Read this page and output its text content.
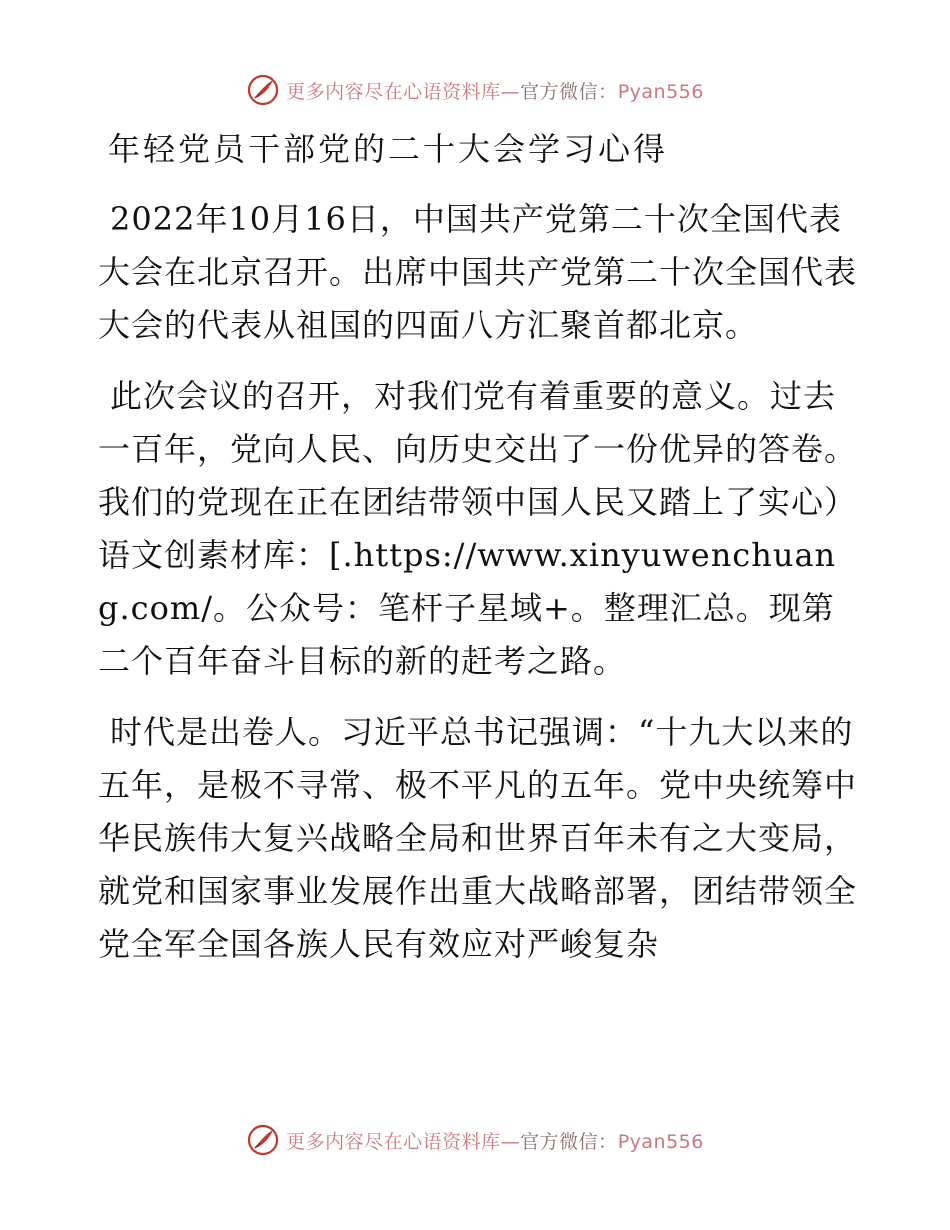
更多内容尽在心语资料库—官方微信：Pyan556
年轻党员干部党的二十大会学习心得

2022年10月16日，中国共产党第二十次全国代表大会在北京召开。出席中国共产党第二十次全国代表大会的代表从祖国的四面八方汇聚首都北京。

此次会议的召开，对我们党有着重要的意义。过去一百年，党向人民、向历史交出了一份优异的答卷。我们的党现在正在团结带领中国人民又踏上了实心）语文创素材库：[.https://www.xinyuwenchuang.com/。公众号：笔杆子星域+。整理汇总。现第二个百年奋斗目标的新的赶考之路。

时代是出卷人。习近平总书记强调：“十九大以来的五年，是极不寻常、极不平凡的五年。党中央统筹中华民族伟大复兴战略全局和世界百年未有之大变局，就党和国家事业发展作出重大战略部署，团结带领全党全军全国各族人民有效应对严峻复杂

更多内容尽在心语资料库—官方微信：Pyan556
